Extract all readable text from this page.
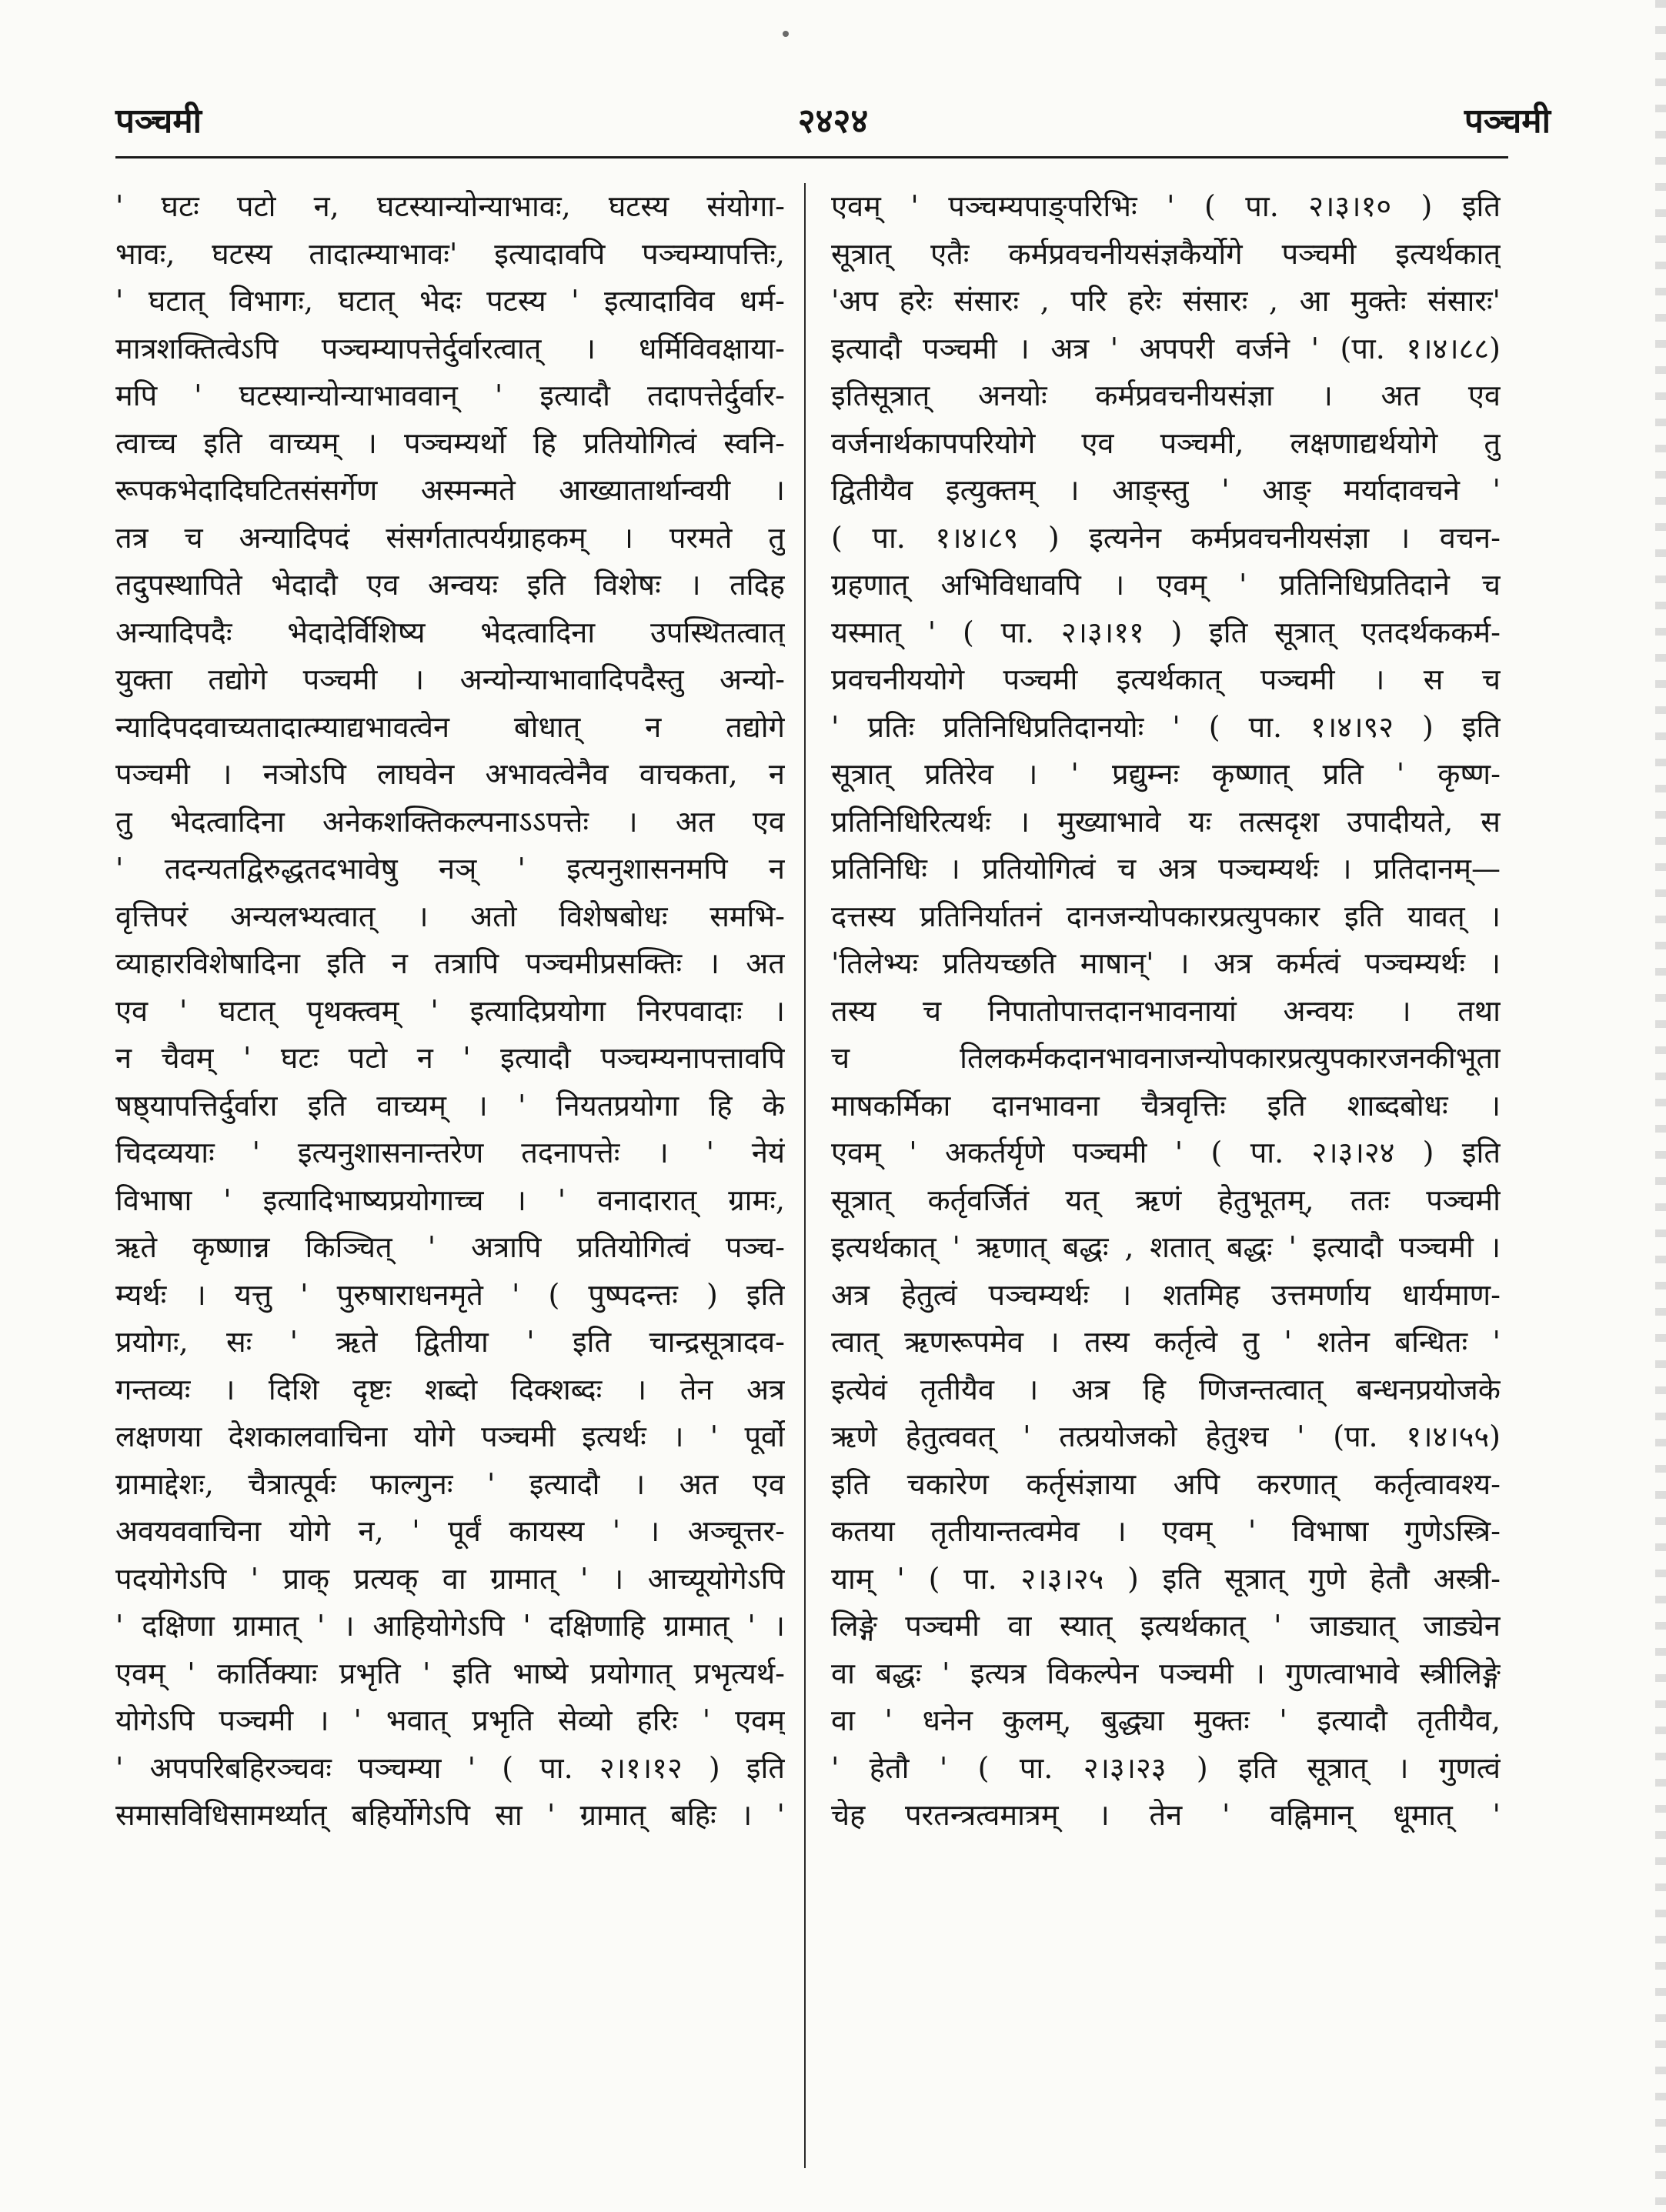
पञ्चमी	२४२४	पञ्चमी
' घटः पटो न, घटस्यान्योन्याभावः, घटस्य संयोगा-
भावः, घटस्य तादात्म्याभावः' इत्यादावपि पञ्चम्यापत्तिः,
' घटात् विभागः, घटात् भेदः पटस्य ' इत्यादाविव धर्म-
मात्रशक्तित्वेऽपि पञ्चम्यापत्तेर्दुर्वारत्वात् । धर्मिविवक्षाया-
मपि ' घटस्यान्योन्याभाववान् ' इत्यादौ तदापत्तेर्दुर्वार-
त्वाच्च इति वाच्यम् । पञ्चम्यर्थो हि प्रतियोगित्वं स्वनि-
रूपकभेदादिघटितसंसर्गेण अस्मन्मते आख्यातार्थान्वयी ।
तत्र च अन्यादिपदं संसर्गतात्पर्यग्राहकम् । परमते तु
तदुपस्थापिते भेदादौ एव अन्वयः इति विशेषः । तदिह
अन्यादिपदैः भेदादेर्विशिष्य भेदत्वादिना उपस्थितत्वात्
युक्ता तद्योगे पञ्चमी । अन्योन्याभावादिपदैस्तु अन्यो-
न्यादिपदवाच्यतादात्म्याद्यभावत्वेन बोधात् न तद्योगे
पञ्चमी । नञोऽपि लाघवेन अभावत्वेनैव वाचकता, न
तु भेदत्वादिना अनेकशक्तिकल्पनाऽऽपत्तेः । अत एव
' तदन्यतद्विरुद्धतदभावेषु नञ् ' इत्यनुशासनमपि न
वृत्तिपरं अन्यलभ्यत्वात् । अतो विशेषबोधः समभि-
व्याहारविशेषादिना इति न तत्रापि पञ्चमीप्रसक्तिः । अत
एव ' घटात् पृथक्त्वम् ' इत्यादिप्रयोगा निरपवादाः ।
न चैवम् ' घटः पटो न ' इत्यादौ पञ्चम्यनापत्तावपि
षष्ठ्यापत्तिर्दुर्वारा इति वाच्यम् । ' नियतप्रयोगा हि के
चिदव्ययाः ' इत्यनुशासनान्तरेण तदनापत्तेः । ' नेयं
विभाषा ' इत्यादिभाष्यप्रयोगाच्च । ' वनादारात् ग्रामः,
ऋते कृष्णान्न किञ्चित् ' अत्रापि प्रतियोगित्वं पञ्च-
म्यर्थः । यत्तु ' पुरुषाराधनमृते ' ( पुष्पदन्तः ) इति
प्रयोगः, सः ' ऋते द्वितीया ' इति चान्द्रसूत्रादव-
गन्तव्यः । दिशि दृष्टः शब्दो दिक्शब्दः । तेन अत्र
लक्षणया देशकालवाचिना योगे पञ्चमी इत्यर्थः । ' पूर्वो
ग्रामाद्देशः, चैत्रात्पूर्वः फाल्गुनः ' इत्यादौ । अत एव
अवयववाचिना योगे न, ' पूर्वं कायस्य ' । अञ्चूत्तर-
पदयोगेऽपि ' प्राक् प्रत्यक् वा ग्रामात् ' । आच्यूयोगेऽपि
' दक्षिणा ग्रामात् ' । आहियोगेऽपि ' दक्षिणाहि ग्रामात् ' ।
एवम् ' कार्तिक्याः प्रभृति ' इति भाष्ये प्रयोगात् प्रभृत्यर्थ-
योगेऽपि पञ्चमी । ' भवात् प्रभृति सेव्यो हरिः ' एवम्
' अपपरिबहिरञ्चवः पञ्चम्या ' ( पा. २।१।१२ ) इति
समासविधिसामर्थ्यात् बहिर्योगेऽपि सा ' ग्रामात् बहिः । '
एवम् ' पञ्चम्यपाङ्परिभिः ' ( पा. २।३।१० ) इति
सूत्रात् एतैः कर्मप्रवचनीयसंज्ञकैर्योगे पञ्चमी इत्यर्थकात्
'अप हरेः संसारः , परि हरेः संसारः , आ मुक्तेः संसारः'
इत्यादौ पञ्चमी । अत्र ' अपपरी वर्जने ' (पा. १।४।८८)
इतिसूत्रात् अनयोः कर्मप्रवचनीयसंज्ञा । अत एव
वर्जनार्थकापपरियोगे एव पञ्चमी, लक्षणाद्यर्थयोगे तु
द्वितीयैव इत्युक्तम् । आङ्स्तु ' आङ् मर्यादावचने '
( पा. १।४।८९ ) इत्यनेन कर्मप्रवचनीयसंज्ञा । वचन-
ग्रहणात् अभिविधावपि । एवम् ' प्रतिनिधिप्रतिदाने च
यस्मात् ' ( पा. २।३।११ ) इति सूत्रात् एतदर्थककर्म-
प्रवचनीययोगे पञ्चमी इत्यर्थकात् पञ्चमी । स च
' प्रतिः प्रतिनिधिप्रतिदानयोः ' ( पा. १।४।९२ ) इति
सूत्रात् प्रतिरेव । ' प्रद्युम्नः कृष्णात् प्रति ' कृष्ण-
प्रतिनिधिरित्यर्थः । मुख्याभावे यः तत्सदृश उपादीयते, स
प्रतिनिधिः । प्रतियोगित्वं च अत्र पञ्चम्यर्थः । प्रतिदानम्—
दत्तस्य प्रतिनिर्यातनं दानजन्योपकारप्रत्युपकार इति यावत् ।
'तिलेभ्यः प्रतियच्छति माषान्' । अत्र कर्मत्वं पञ्चम्यर्थः ।
तस्य च निपातोपात्तदानभावनायां अन्वयः । तथा
च तिलकर्मकदानभावनाजन्योपकारप्रत्युपकारजनकीभूता
माषकर्मिका दानभावना चैत्रवृत्तिः इति शाब्दबोधः ।
एवम् ' अकर्तर्यृणे पञ्चमी ' ( पा. २।३।२४ ) इति
सूत्रात् कर्तृवर्जितं यत् ऋणं हेतुभूतम्, ततः पञ्चमी
इत्यर्थकात् ' ऋणात् बद्धः , शतात् बद्धः ' इत्यादौ पञ्चमी ।
अत्र हेतुत्वं पञ्चम्यर्थः । शतमिह उत्तमर्णाय धार्यमाण-
त्वात् ऋणरूपमेव । तस्य कर्तृत्वे तु ' शतेन बन्धितः '
इत्येवं तृतीयैव । अत्र हि णिजन्तत्वात् बन्धनप्रयोजके
ऋणे हेतुत्ववत् ' तत्प्रयोजको हेतुश्च ' (पा. १।४।५५)
इति चकारेण कर्तृसंज्ञाया अपि करणात् कर्तृत्वावश्य-
कतया तृतीयान्तत्वमेव । एवम् ' विभाषा गुणेऽस्त्रि-
याम् ' ( पा. २।३।२५ ) इति सूत्रात् गुणे हेतौ अस्त्री-
लिङ्गे पञ्चमी वा स्यात् इत्यर्थकात् ' जाड्यात् जाड्येन
वा बद्धः ' इत्यत्र विकल्पेन पञ्चमी । गुणत्वाभावे स्त्रीलिङ्गे
वा ' धनेन कुलम्, बुद्ध्या मुक्तः ' इत्यादौ तृतीयैव,
' हेतौ ' ( पा. २।३।२३ ) इति सूत्रात् । गुणत्वं
चेह परतन्त्रत्वमात्रम् । तेन ' वह्निमान् धूमात् '
